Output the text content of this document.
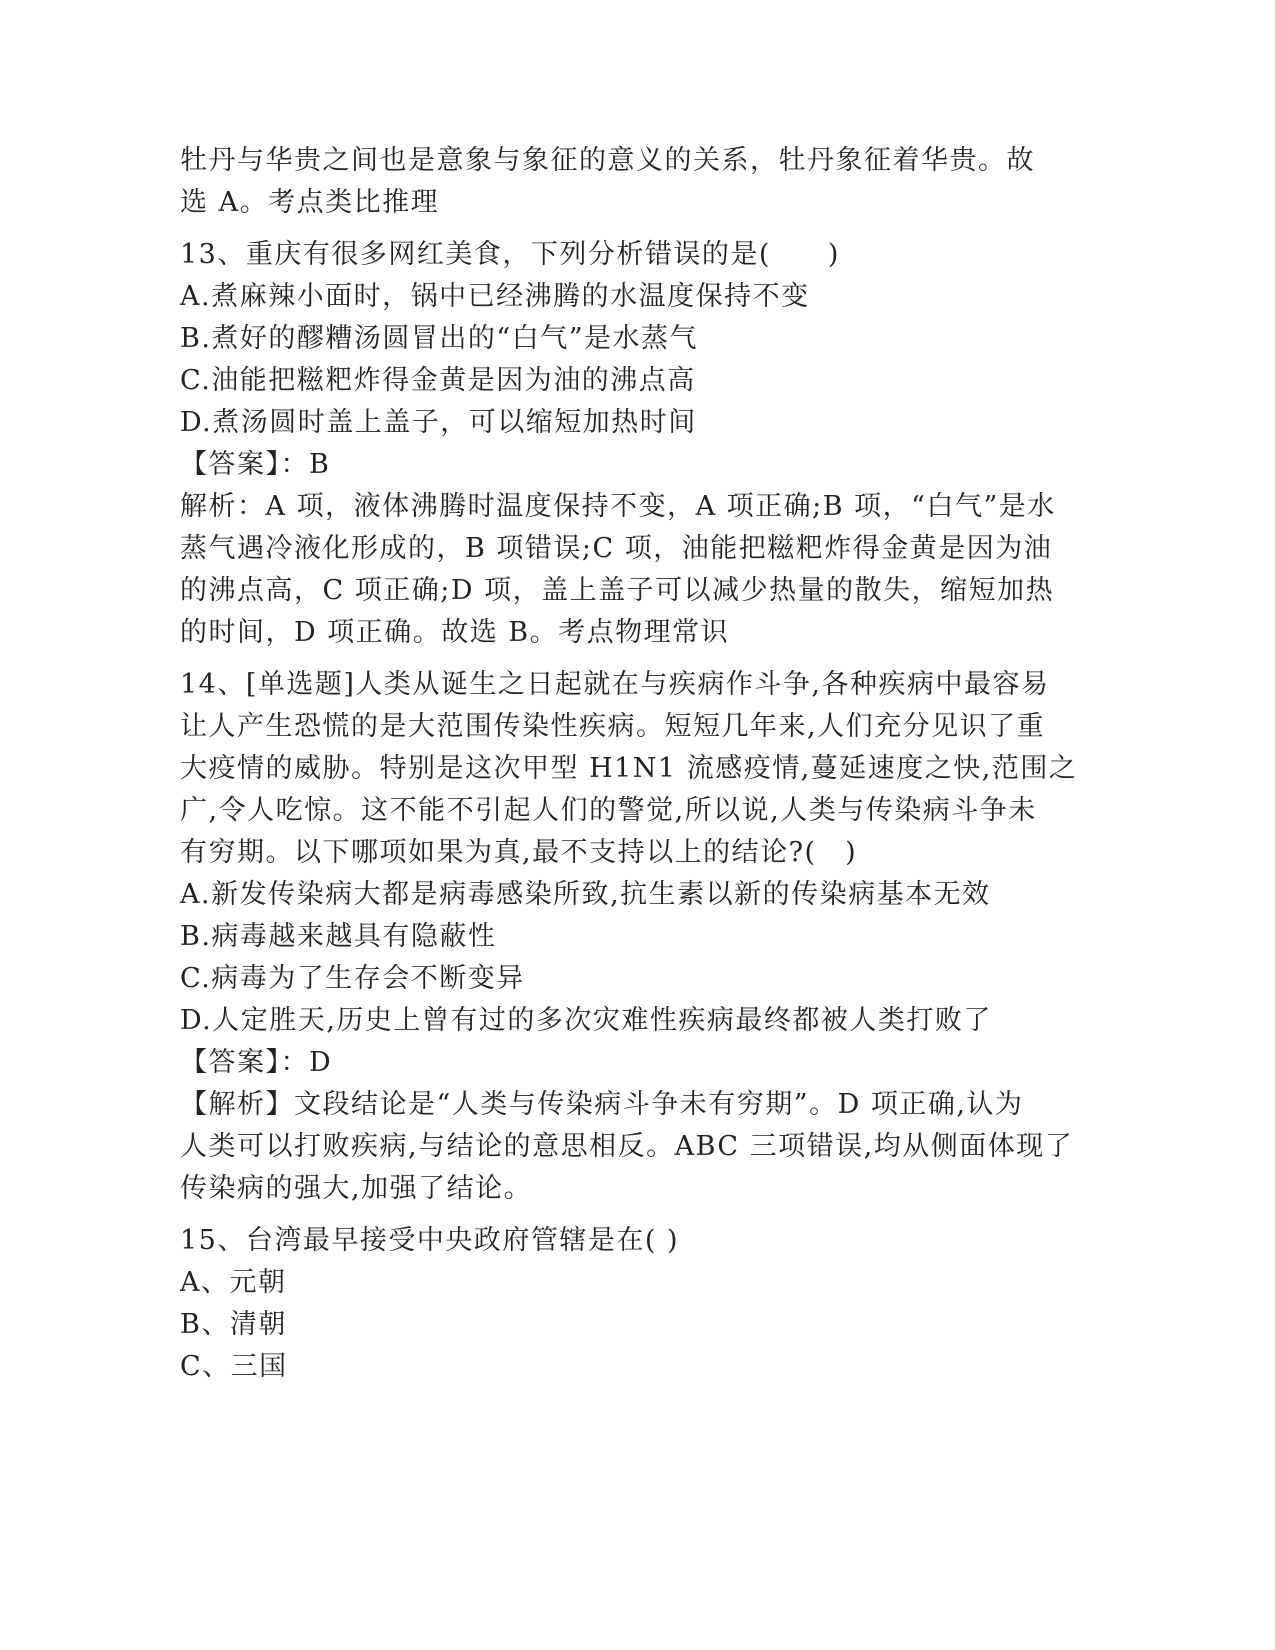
牡丹与华贵之间也是意象与象征的意义的关系，牡丹象征着华贵。故
选 A。考点类比推理
13、重庆有很多网红美食，下列分析错误的是(　　)
A.煮麻辣小面时，锅中已经沸腾的水温度保持不变
B.煮好的醪糟汤圆冒出的“白气”是水蒸气
C.油能把糍粑炸得金黄是因为油的沸点高
D.煮汤圆时盖上盖子，可以缩短加热时间
【答案】：B
解析：A 项，液体沸腾时温度保持不变，A 项正确;B 项，“白气”是水
蒸气遇冷液化形成的，B 项错误;C 项，油能把糍粑炸得金黄是因为油
的沸点高，C 项正确;D 项，盖上盖子可以减少热量的散失，缩短加热
的时间，D 项正确。故选 B。考点物理常识
14、[单选题]人类从诞生之日起就在与疾病作斗争,各种疾病中最容易
让人产生恐慌的是大范围传染性疾病。短短几年来,人们充分见识了重
大疫情的威胁。特别是这次甲型 H1N1 流感疫情,蔓延速度之快,范围之
广,令人吃惊。这不能不引起人们的警觉,所以说,人类与传染病斗争未
有穷期。以下哪项如果为真,最不支持以上的结论?(　)
A.新发传染病大都是病毒感染所致,抗生素以新的传染病基本无效
B.病毒越来越具有隐蔽性
C.病毒为了生存会不断变异
D.人定胜天,历史上曾有过的多次灾难性疾病最终都被人类打败了
【答案】：D
【解析】文段结论是“人类与传染病斗争未有穷期”。D 项正确,认为
人类可以打败疾病,与结论的意思相反。ABC 三项错误,均从侧面体现了
传染病的强大,加强了结论。
15、台湾最早接受中央政府管辖是在( )
A、元朝
B、清朝
C、三国
